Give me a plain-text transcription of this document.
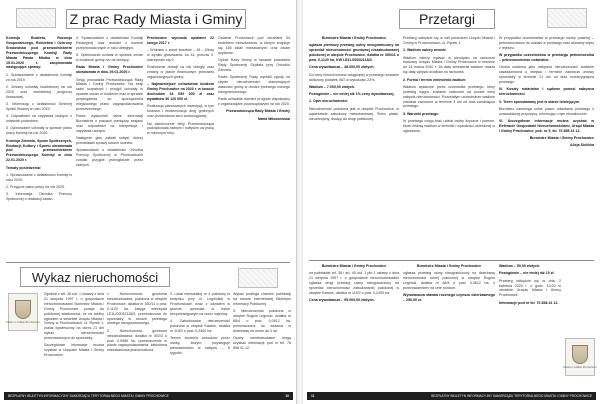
Z prac Rady Miasta i Gminy

Komisja Budżetu, Rozwoju Gospodarczego, Rolnictwa i Ochrony Środowiska pod przewodnictwem Przewodniczącego Komisji Rady Miasta Pawła Młotka w dniu 15.01.2020 r. zaopiniowała następujące sprawy:

1. Sprawozdanie z działalności Komisji za rok 2019.

2. Zmiany uchwały budżetowej na rok 2020 oraz wieloletniej prognozy finansowej.

3. Informację z działalności Gminnej Spółki Wodnej w roku 2019.

4. Odpowiedzi na zapytania radnych z ostatnich posiedzeń.

5. Opiniowanie uchwały w sprawie planu pracy Komisji na rok 2020.

Komisja Zdrowia, Spraw Społecznych, Edukacji, Kultury i Sportu obradowała pod przewodnictwem Przewodniczącego Komisji w dniu 22.01.2020 r.

Tematy posiedzenia:

1. Sprawozdanie z działalności Komisji w roku 2019.

2. Przyjęcie planu pracy na rok 2020.

3. Informacja Ośrodka Pomocy Społecznej o realizacji zadań.

4. Sprawozdanie z działalności Komisji Rewizyjnej oraz wnioski z kontroli przeprowadzonych w roku ubiegłym.

5. Opiniowanie uchwał w sprawie zmian w budżecie gminy na rok bieżący.

Rada Miasta i Gminy Prochowice obradowała w dniu 29.01.2020 r.

Sesję prowadziła Przewodnicząca Rady Miasta i Gminy Prochowice. Na sesji radni rozpatrzyli i przyjęli uchwały w sprawie zmian w budżecie oraz w sprawie przystąpienia do sporządzenia miejscowego planu zagospodarowania przestrzennego.

Radni wysłuchali także informacji Burmistrza o pracach pomiędzy sesjami oraz odpowiedzi na interpelacje i zapytania radnych.

Następnie głos zabrali sołtysi, którzy przedstawili sprawy swoich sołectw.

Sprawozdanie z działalności Ośrodka Pomocy Społecznej w Prochowicach zostało przyjęte jednogłośnie przez radnych.

Prochowice wyniosła opłatami 22 lutego 2017 r.

– Wniosek o zwrot kosztów – 18 – Głosy w wyniku głosowania: za 14, przeciw 0, wstrzymało się 0.

Rozliczenie dotacji za rok ubiegły oraz zmiany w planie finansowym jednostek organizacyjnych gminy.

– Najważniejsze uchwalenia budżetu Gminy Prochowice na 2020 r. w kwocie dochodów 34 650 000 zł oraz wydatków 36 120 000 zł.

Realizacja planowanych inwestycji, w tym budowa i modernizacja dróg gminnych oraz przebudowa sieci wodociągowej.

Na zakończenie sesji Przewodnicząca podziękowała radnym i sołtysom za pracę w minionym roku.

Ostatnie Prochowice pod obradami 34 budżetem mieszkańców, w którym znajduje się 166 lokali mieszkalnych oraz lokale użytkowe.

Opinie Rady Gminy w sprawie powołania Rady Społecznej Szpitala przy Ośrodku Zdrowia.

Radni Społecznej Rady wyrazili zgodę na zbycie nieruchomości stanowiących własność gminy w drodze przetargu ustnego nieograniczonego.

Rada uchwaliła również program współpracy z organizacjami pozarządowymi na rok 2020.

Przewodnicząca Rady Miasta i Gminy

Maria Miłoszewska

Wykaz nieruchomości
Miasto i Gmina Prochowice

Zgodnie z art. 35 ust. 1 ustawy z dnia 21 sierpnia 1997 r. o gospodarce nieruchomościami Burmistrz Miasta i Gminy Prochowice podaje do publicznej wiadomości, że na tablicy ogłoszeń w siedzibie Urzędu Miasta i Gminy w Prochowicach, ul. Rynek 1, został wywieszony na okres 21 dni wykaz nieruchomości przeznaczonych do sprzedaży.

Szczegółowe informacje można uzyskać w Urzędzie Miasta i Gminy Prochowice.

1. Nieruchomość gruntowa niezabudowana, położona w obrębie Prochowice, działka nr 350/11 o pow. 0,1120 ha, księga wieczysta LE1L/00032118/3, przeznaczona do sprzedaży w drodze przetargu ustnego nieograniczonego.

2. Nieruchomość gruntowa niezabudowana, działka nr 402/3 o pow. 0,0980 ha, przeznaczenie w planie zagospodarowania: zabudowa mieszkaniowa jednorodzinna.

3. Lokal mieszkalny nr 4 położony w budynku przy ul. Legnickiej w Prochowicach wraz z udziałem w gruncie, sprzedaż w trybie bezprzetargowym na rzecz najemcy.

4. Zabudowana nieruchomość położona w obrębie Kawice, działka nr 115/2 o pow. 0,2400 ha.

Termin złożenia wniosków przez osoby, którym przysługuje pierwszeństwo w nabyciu – 6 tygodni.

Wykaz podlega również publikacji na stronie internetowej Biuletynu Informacji Publicznej.

5. Nieruchomość położona w obrębie Rogów Legnicki, działka nr 68/4 o pow. 0,0612 ha, przeznaczona do oddania w dzierżawę na okres do 3 lat.

Osoby zainteresowane mogą uzyskać informacje pod nr tel. 76 858 41 12.

BEZPŁATNY BIULETYN INFORMACYJNY SAMORZĄDU TERYTORIALNEGO MIASTA I GMINY PROCHOWICE	10
Przetargi

Burmistrz Miasta i Gminy Prochowice

ogłasza pierwszy przetarg ustny nieograniczony na sprzedaż nieruchomości gruntowej niezabudowanej położonej w obrębie Prochowice, działka nr 350/11 o pow. 0,1120 ha, KW LE1L/00032118/3.

Cena wywoławcza – 48.000,00 złotych.

Do ceny nieruchomości osiągniętej w przetargu zostanie doliczony podatek VAT w wysokości 23%.

Wadium – 7.000,00 złotych.

Postąpienie – nie mniej niż 1% ceny wywoławczej.

1. Opis nieruchomości

Nieruchomość położona jest w obrębie Prochowice, w sąsiedztwie zabudowy mieszkaniowej. Teren płaski, nieuzbrojony, dostęp do drogi publicznej.

Przetarg odbędzie się w sali posiedzeń Urzędu Miasta i Gminy w Prochowicach, ul. Rynek 1.

1. Wadium należy wnosić

Wadium należy wpłacić w pieniądzu na rachunek bankowy Urzędu Miasta i Gminy Prochowice w terminie do 24 marca 2020 r. Za datę wniesienia wadium uważa się datę wpływu środków na rachunek.

2. Forma i termin wniesienia wadium

Wadium wpłacone przez uczestnika przetargu, który przetarg wygra, zostanie zaliczone na poczet ceny nabycia nieruchomości. Pozostałym uczestnikom wadium zostanie zwrócone w terminie 3 dni od dnia zamknięcia przetargu.

3. Warunki przetargu

W przetargu mogą brać udział osoby fizyczne i prawne, które wniosą wadium w terminie i wysokości określonej w ogłoszeniu.

W przypadku uczestnictwa w przetargu osoby prawnej – pełnomocnictwo do udziału w przetargu oraz aktualny odpis z rejestru.

W przypadku uczestnictwa w przetargu pełnomocnika – pełnomocnictwo notarialne.

Osoba ustalona jako nabywca nieruchomości zostanie zawiadomiona o miejscu i terminie zawarcia umowy sprzedaży w terminie 21 dni od dnia rozstrzygnięcia przetargu.

IV. Koszty notarialne i sądowe ponosi nabywca nieruchomości.

V. Teren sprzedawany jest w stanie istniejącym.

Burmistrz zastrzega sobie prawo odwołania przetargu z uzasadnionej przyczyny, informując o tym niezwłocznie.

VI. Szczegółowe informacje można uzyskać w Referacie Gospodarki Nieruchomościami, Urząd Miasta i Gminy Prochowice, pok. nr 5, tel. 76 858 41 12.

Burmistrz Miasta i Gminy Prochowice

Alicja Sielicka

Burmistrz Miasta i Gminy Prochowice

na podstawie art. 38 i art. 40 ust. 1 pkt 1 ustawy z dnia 21 sierpnia 1997 r. o gospodarce nieruchomościami ogłasza drugi przetarg ustny nieograniczony na sprzedaż nieruchomości zabudowanej położonej w obrębie Kawice, działka nr 115/2 o pow. 0,2400 ha.

Cena wywoławcza – 95.000,00 złotych.

Burmistrz Miasta i Gminy Prochowice

ogłasza przetarg ustny nieograniczony na dzierżawę nieruchomości rolnej położonej w obrębie Rogów Legnicki, działka nr 68/4 o pow. 0,0612 ha, z przeznaczeniem na cele rolnicze.

Wywoławcza stawka rocznego czynszu dzierżawnego – 250,00 zł.

Wadium – 50,00 złotych.

Postąpienie – nie mniej niż 10 zł.

Przetarg odbędzie się w dniu 2 kwietnia 2020 r. o godz. 10:00 w siedzibie Urzędu Miasta i Gminy Prochowice.

Informacje pod nr tel. 76 858 41 12.

Miasto i Gmina Prochowice
11	BEZPŁATNY BIULETYN INFORMACYJNY SAMORZĄDU TERYTORIALNEGO MIASTA I GMINY PROCHOWICE
